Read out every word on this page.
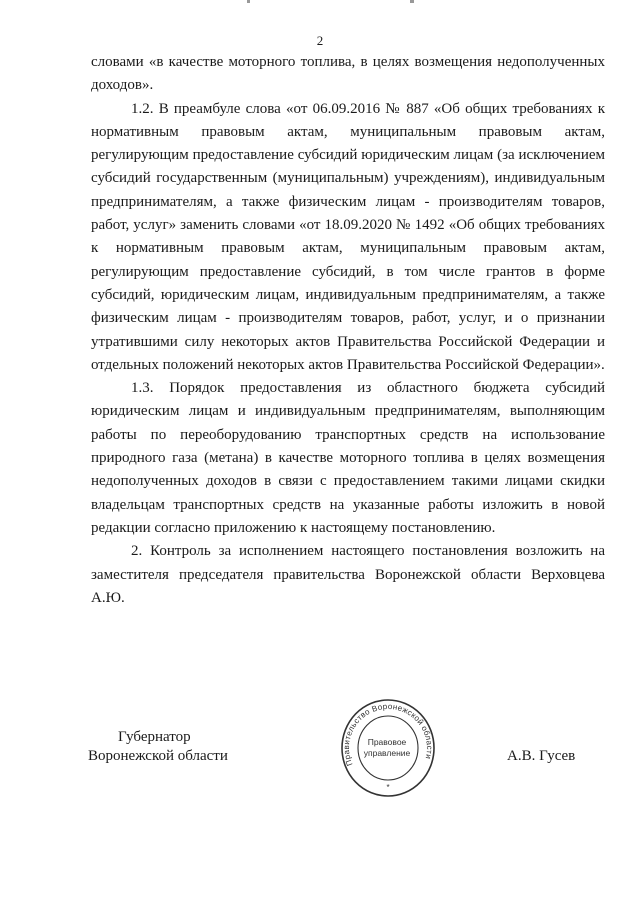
2

словами «в качестве моторного топлива, в целях возмещения недополученных доходов».

1.2. В преамбуле слова «от 06.09.2016 № 887 «Об общих требованиях к нормативным правовым актам, муниципальным правовым актам, регулирующим предоставление субсидий юридическим лицам (за исключением субсидий государственным (муниципальным) учреждениям), индивидуальным предпринимателям, а также физическим лицам - производителям товаров, работ, услуг» заменить словами «от 18.09.2020 № 1492 «Об общих требованиях к нормативным правовым актам, муниципальным правовым актам, регулирующим предоставление субсидий, в том числе грантов в форме субсидий, юридическим лицам, индивидуальным предпринимателям, а также физическим лицам - производителям товаров, работ, услуг, и о признании утратившими силу некоторых актов Правительства Российской Федерации и отдельных положений некоторых актов Правительства Российской Федерации».

1.3. Порядок предоставления из областного бюджета субсидий юридическим лицам и индивидуальным предпринимателям, выполняющим работы по переоборудованию транспортных средств на использование природного газа (метана) в качестве моторного топлива в целях возмещения недополученных доходов в связи с предоставлением такими лицами скидки владельцам транспортных средств на указанные работы изложить в новой редакции согласно приложению к настоящему постановлению.

2. Контроль за исполнением настоящего постановления возложить на заместителя председателя правительства Воронежской области Верховцева А.Ю.

Губернатор
Воронежской области	Правительство Воронежской области
Правовое
управление
*
А.В. Гусев
